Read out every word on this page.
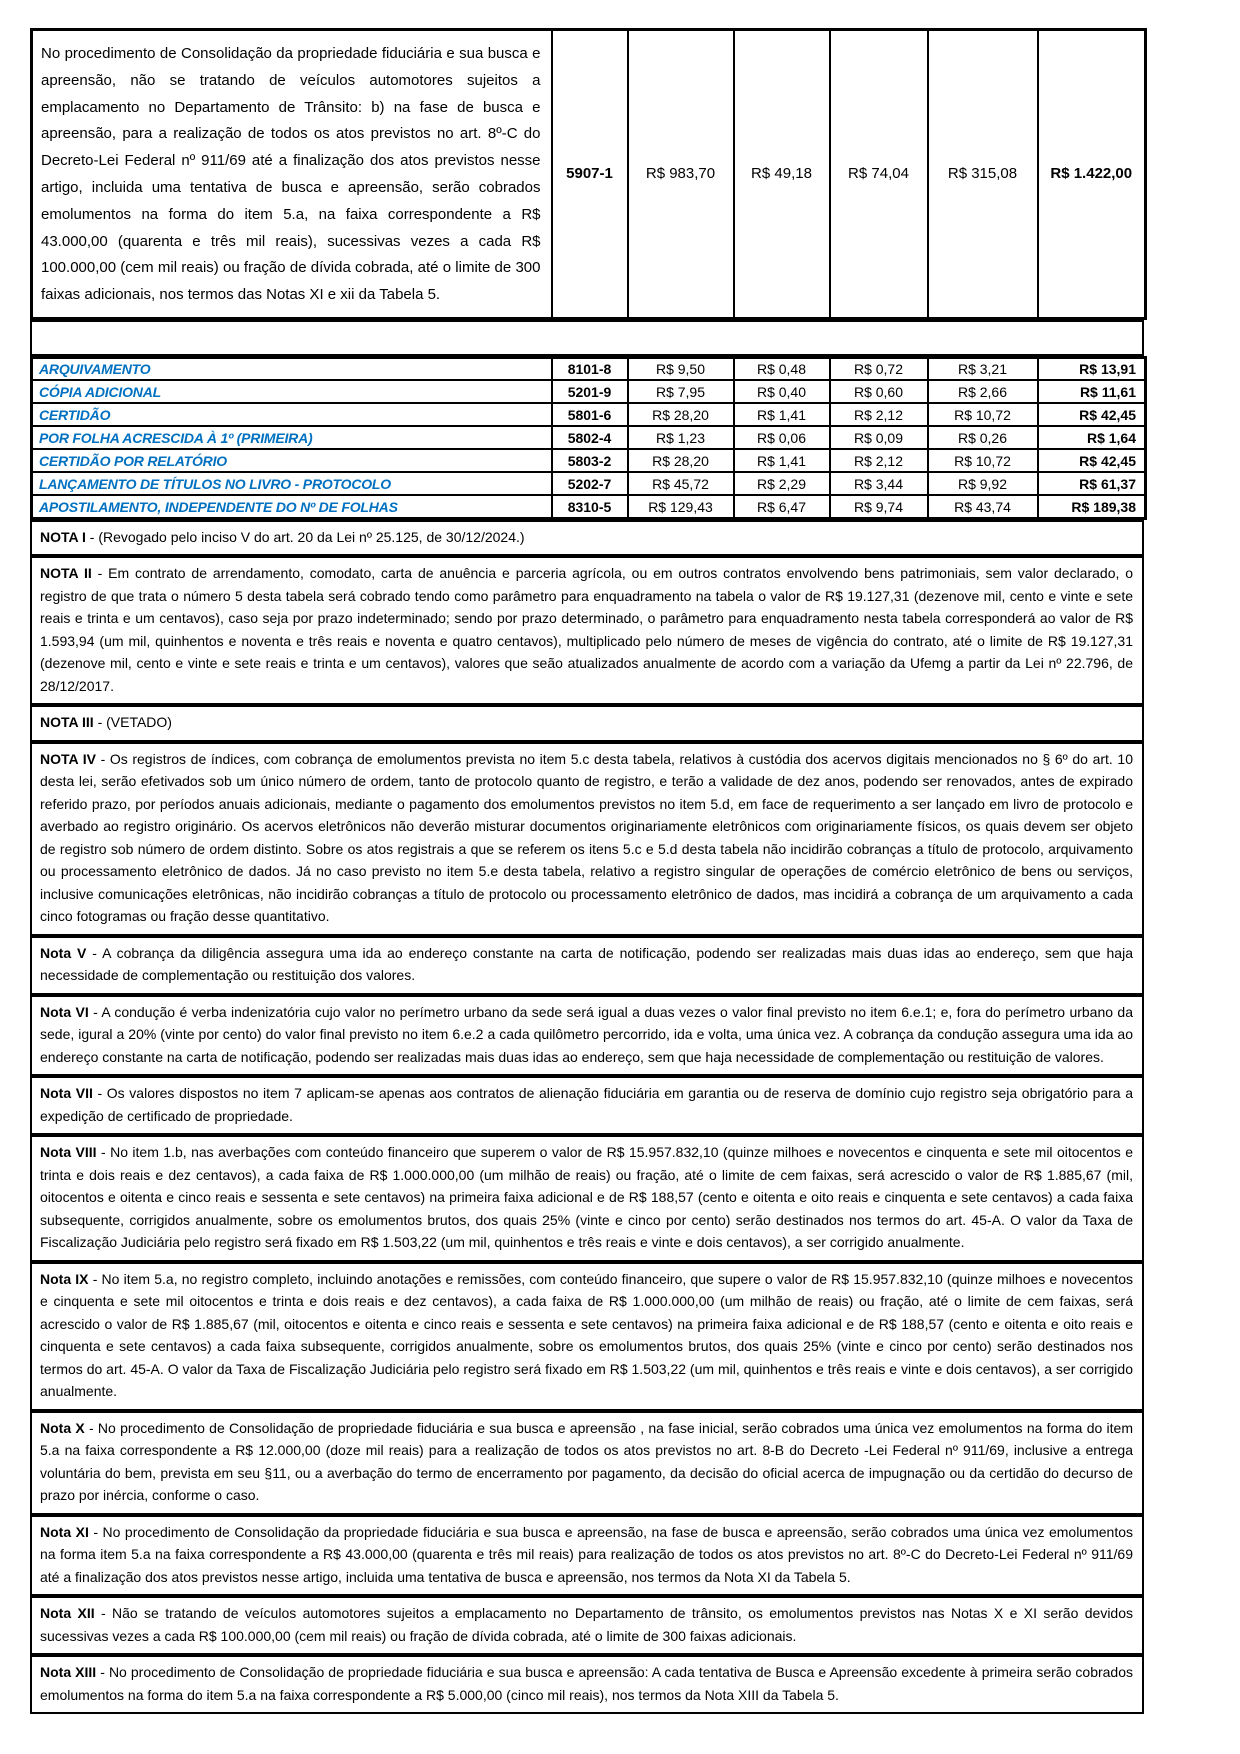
No procedimento de Consolidação da propriedade fiduciária e sua busca e apreensão, não se tratando de veículos automotores sujeitos a emplacamento no Departamento de Trânsito: b) na fase de busca e apreensão, para a realização de todos os atos previstos no art. 8º-C do Decreto-Lei Federal nº 911/69 até a finalização dos atos previstos nesse artigo, incluida uma tentativa de busca e apreensão, serão cobrados emolumentos na forma do item 5.a, na faixa correspondente a R$ 43.000,00 (quarenta e três mil reais), sucessivas vezes a cada R$ 100.000,00 (cem mil reais) ou fração de dívida cobrada, até o limite de 300 faixas adicionais, nos termos das Notas XI e xii da Tabela 5.	5907-1	R$ 983,70	R$ 49,18	R$ 74,04	R$ 315,08	R$ 1.422,00
ARQUIVAMENTO	8101-8	R$ 9,50	R$ 0,48	R$ 0,72	R$ 3,21	R$ 13,91
CÓPIA ADICIONAL	5201-9	R$ 7,95	R$ 0,40	R$ 0,60	R$ 2,66	R$ 11,61
CERTIDÃO	5801-6	R$ 28,20	R$ 1,41	R$ 2,12	R$ 10,72	R$ 42,45
POR FOLHA ACRESCIDA À 1º (PRIMEIRA)	5802-4	R$ 1,23	R$ 0,06	R$ 0,09	R$ 0,26	R$ 1,64
CERTIDÃO POR RELATÓRIO	5803-2	R$ 28,20	R$ 1,41	R$ 2,12	R$ 10,72	R$ 42,45
LANÇAMENTO DE TÍTULOS NO LIVRO - PROTOCOLO	5202-7	R$ 45,72	R$ 2,29	R$ 3,44	R$ 9,92	R$ 61,37
APOSTILAMENTO, INDEPENDENTE DO Nº DE FOLHAS	8310-5	R$ 129,43	R$ 6,47	R$ 9,74	R$ 43,74	R$ 189,38
NOTA I - (Revogado pelo inciso V do art. 20 da Lei nº 25.125, de 30/12/2024.)
NOTA II - Em contrato de arrendamento, comodato, carta de anuência e parceria agrícola, ou em outros contratos envolvendo bens patrimoniais, sem valor declarado, o registro de que trata o número 5 desta tabela será cobrado tendo como parâmetro para enquadramento na tabela o valor de R$ 19.127,31 (dezenove mil, cento e vinte e sete reais e trinta e um centavos), caso seja por prazo indeterminado; sendo por prazo determinado, o parâmetro para enquadramento nesta tabela corresponderá ao valor de R$ 1.593,94 (um mil, quinhentos e noventa e três reais e noventa e quatro centavos), multiplicado pelo número de meses de vigência do contrato, até o limite de R$ 19.127,31 (dezenove mil, cento e vinte e sete reais e trinta e um centavos), valores que seão atualizados anualmente de acordo com a variação da Ufemg a partir da Lei nº 22.796, de 28/12/2017.
NOTA III - (VETADO)
NOTA IV - Os registros de índices, com cobrança de emolumentos prevista no item 5.c desta tabela, relativos à custódia dos acervos digitais mencionados no § 6º do art. 10 desta lei, serão efetivados sob um único número de ordem, tanto de protocolo quanto de registro, e terão a validade de dez anos, podendo ser renovados, antes de expirado referido prazo, por períodos anuais adicionais, mediante o pagamento dos emolumentos previstos no item 5.d, em face de requerimento a ser lançado em livro de protocolo e averbado ao registro originário. Os acervos eletrônicos não deverão misturar documentos originariamente eletrônicos com originariamente físicos, os quais devem ser objeto de registro sob número de ordem distinto. Sobre os atos registrais a que se referem os itens 5.c e 5.d desta tabela não incidirão cobranças a título de protocolo, arquivamento ou processamento eletrônico de dados. Já no caso previsto no item 5.e desta tabela, relativo a registro singular de operações de comércio eletrônico de bens ou serviços, inclusive comunicações eletrônicas, não incidirão cobranças a título de protocolo ou processamento eletrônico de dados, mas incidirá a cobrança de um arquivamento a cada cinco fotogramas ou fração desse quantitativo.
Nota V - A cobrança da diligência assegura uma ida ao endereço constante na carta de notificação, podendo ser realizadas mais duas idas ao endereço, sem que haja necessidade de complementação ou restituição dos valores.
Nota VI - A condução é verba indenizatória cujo valor no perímetro urbano da sede será igual a duas vezes o valor final previsto no item 6.e.1; e, fora do perímetro urbano da sede, igural a 20% (vinte por cento) do valor final previsto no item 6.e.2 a cada quilômetro percorrido, ida e volta, uma única vez. A cobrança da condução assegura uma ida ao endereço constante na carta de notificação, podendo ser realizadas mais duas idas ao endereço, sem que haja necessidade de complementação ou restituição de valores.
Nota VII - Os valores dispostos no item 7 aplicam-se apenas aos contratos de alienação fiduciária em garantia ou de reserva de domínio cujo registro seja obrigatório para a expedição de certificado de propriedade.
Nota VIII - No item 1.b, nas averbações com conteúdo financeiro que superem o valor de R$ 15.957.832,10 (quinze milhoes e novecentos e cinquenta e sete mil oitocentos e trinta e dois reais e dez centavos), a cada faixa de R$ 1.000.000,00 (um milhão de reais) ou fração, até o limite de cem faixas, será acrescido o valor de R$ 1.885,67 (mil, oitocentos e oitenta e cinco reais e sessenta e sete centavos) na primeira faixa adicional e de R$ 188,57 (cento e oitenta e oito reais e cinquenta e sete centavos) a cada faixa subsequente, corrigidos anualmente, sobre os emolumentos brutos, dos quais 25% (vinte e cinco por cento) serão destinados nos termos do art. 45-A. O valor da Taxa de Fiscalização Judiciária pelo registro será fixado em R$ 1.503,22 (um mil, quinhentos e três reais e vinte e dois centavos), a ser corrigido anualmente.
Nota IX - No item 5.a, no registro completo, incluindo anotações e remissões, com conteúdo financeiro, que supere o valor de R$ 15.957.832,10 (quinze milhoes e novecentos e cinquenta e sete mil oitocentos e trinta e dois reais e dez centavos), a cada faixa de R$ 1.000.000,00 (um milhão de reais) ou fração, até o limite de cem faixas, será acrescido o valor de R$ 1.885,67 (mil, oitocentos e oitenta e cinco reais e sessenta e sete centavos) na primeira faixa adicional e de R$ 188,57 (cento e oitenta e oito reais e cinquenta e sete centavos) a cada faixa subsequente, corrigidos anualmente, sobre os emolumentos brutos, dos quais 25% (vinte e cinco por cento) serão destinados nos termos do art. 45-A. O valor da Taxa de Fiscalização Judiciária pelo registro será fixado em R$ 1.503,22 (um mil, quinhentos e três reais e vinte e dois centavos), a ser corrigido anualmente.
Nota X - No procedimento de Consolidação de propriedade fiduciária e sua busca e apreensão , na fase inicial, serão cobrados uma única vez emolumentos na forma do item 5.a na faixa correspondente a R$ 12.000,00 (doze mil reais) para a realização de todos os atos previstos no art. 8-B do Decreto -Lei Federal nº 911/69, inclusive a entrega voluntária do bem, prevista em seu §11, ou a averbação do termo de encerramento por pagamento, da decisão do oficial acerca de impugnação ou da certidão do decurso de prazo por inércia, conforme o caso.
Nota XI - No procedimento de Consolidação da propriedade fiduciária e sua busca e apreensão, na fase de busca e apreensão, serão cobrados uma única vez emolumentos na forma item 5.a na faixa correspondente a R$ 43.000,00 (quarenta e três mil reais) para realização de todos os atos previstos no art. 8º-C do Decreto-Lei Federal nº 911/69 até a finalização dos atos previstos nesse artigo, incluida uma tentativa de busca e apreensão, nos termos da Nota XI da Tabela 5.
Nota XII - Não se tratando de veículos automotores sujeitos a emplacamento no Departamento de trânsito, os emolumentos previstos nas Notas X e XI serão devidos sucessivas vezes a cada R$ 100.000,00 (cem mil reais) ou fração de dívida cobrada, até o limite de 300 faixas adicionais.
Nota XIII - No procedimento de Consolidação de propriedade fiduciária e sua busca e apreensão: A cada tentativa de Busca e Apreensão excedente à primeira serão cobrados emolumentos na forma do item 5.a na faixa correspondente a R$ 5.000,00 (cinco mil reais), nos termos da Nota XIII da Tabela 5.
